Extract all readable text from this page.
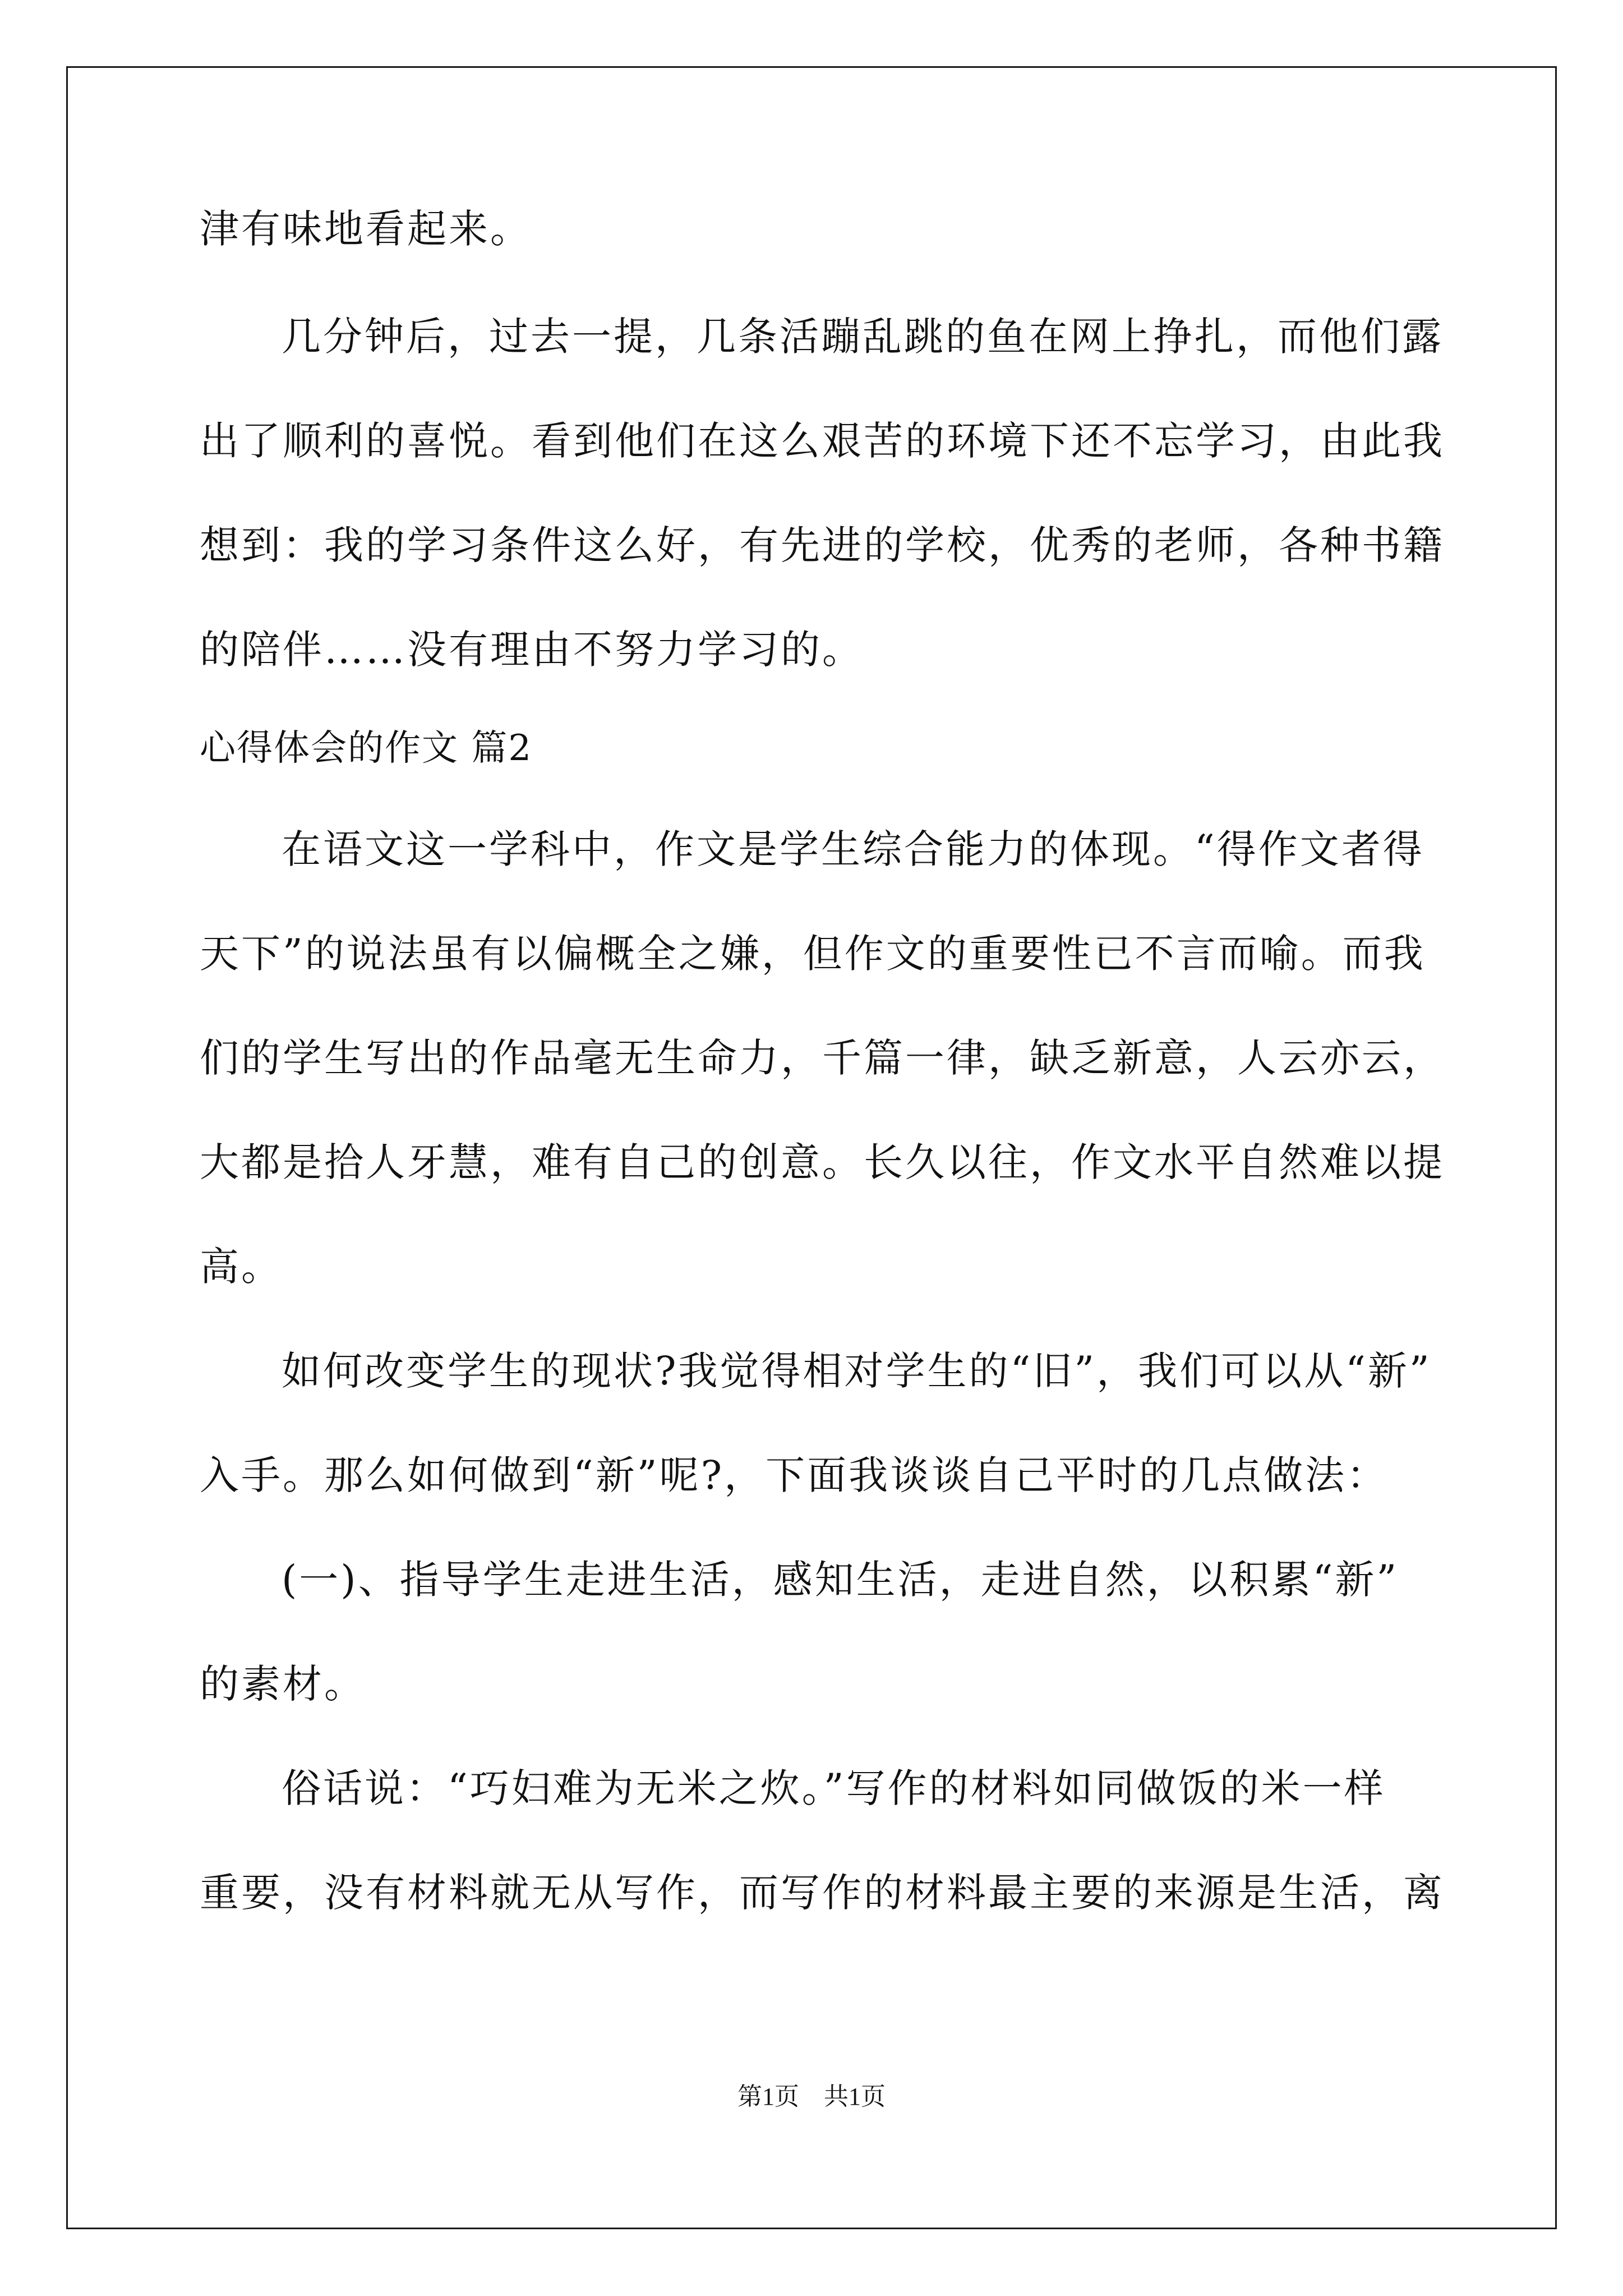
津有味地看起来。
几分钟后，过去一提，几条活蹦乱跳的鱼在网上挣扎，而他们露
出了顺利的喜悦。看到他们在这么艰苦的环境下还不忘学习，由此我
想到：我的学习条件这么好，有先进的学校，优秀的老师，各种书籍
的陪伴……没有理由不努力学习的。
心得体会的作文 篇2
在语文这一学科中，作文是学生综合能力的体现。“得作文者得
天下”的说法虽有以偏概全之嫌，但作文的重要性已不言而喻。而我
们的学生写出的作品毫无生命力，千篇一律，缺乏新意，人云亦云，
大都是拾人牙慧，难有自己的创意。长久以往，作文水平自然难以提
高。
如何改变学生的现状?我觉得相对学生的“旧”，我们可以从“新”
入手。那么如何做到“新”呢?，下面我谈谈自己平时的几点做法：
(一)、指导学生走进生活，感知生活，走进自然，以积累“新”
的素材。
俗话说：“巧妇难为无米之炊。”写作的材料如同做饭的米一样
重要，没有材料就无从写作，而写作的材料最主要的来源是生活，离
第1页　共1页
